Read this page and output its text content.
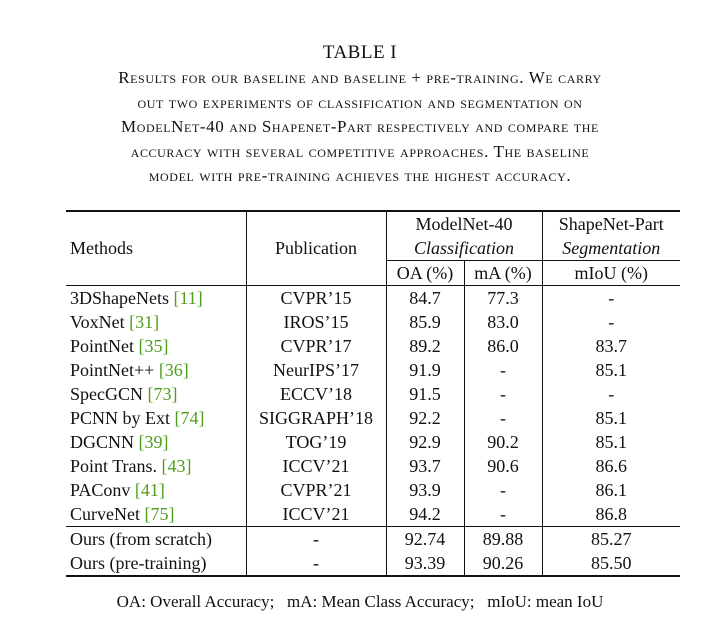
TABLE I
Results for our baseline and baseline + pre-training. We carry
out two experiments of classification and segmentation on
ModelNet-40 and Shapenet-Part respectively and compare the
accuracy with several competitive approaches. The baseline
model with pre-training achieves the highest accuracy.
Methods	Publication	ModelNet-40		ShapeNet-Part
		Classification		Segmentation
		OA (%)	mA (%)	mIoU (%)
3DShapeNets [11]	CVPR’15	84.7	77.3	-
VoxNet [31]	IROS’15	85.9	83.0	-
PointNet [35]	CVPR’17	89.2	86.0	83.7
PointNet++ [36]	NeurIPS’17	91.9	-	85.1
SpecGCN [73]	ECCV’18	91.5	-	-
PCNN by Ext [74]	SIGGRAPH’18	92.2	-	85.1
DGCNN [39]	TOG’19	92.9	90.2	85.1
Point Trans. [43]	ICCV’21	93.7	90.6	86.6
PAConv [41]	CVPR’21	93.9	-	86.1
CurveNet [75]	ICCV’21	94.2	-	86.8
Ours (from scratch)	-	92.74	89.88	85.27
Ours (pre-training)	-	93.39	90.26	85.50
OA: Overall Accuracy;   mA: Mean Class Accuracy;   mIoU: mean IoU
